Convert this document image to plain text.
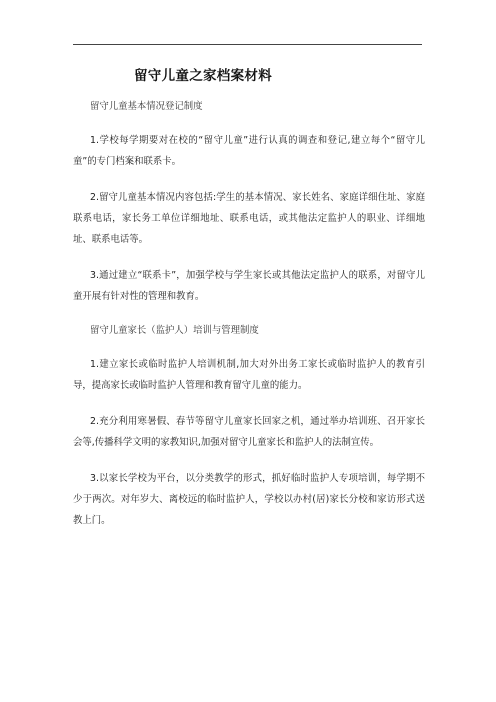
留守儿童之家档案材料
留守儿童基本情况登记制度

1.学校每学期要对在校的“留守儿童”进行认真的调查和登记,建立每个“留守儿童”的专门档案和联系卡。

2.留守儿童基本情况内容包括:学生的基本情况、家长姓名、家庭详细住址、家庭联系电话，家长务工单位详细地址、联系电话，或其他法定监护人的职业、详细地址、联系电话等。

3.通过建立“联系卡”，加强学校与学生家长或其他法定监护人的联系，对留守儿童开展有针对性的管理和教育。

留守儿童家长（监护人）培训与管理制度

1.建立家长或临时监护人培训机制,加大对外出务工家长或临时监护人的教育引导，提高家长或临时监护人管理和教育留守儿童的能力。

2.充分利用寒暑假、春节等留守儿童家长回家之机，通过举办培训班、召开家长会等,传播科学文明的家教知识,加强对留守儿童家长和监护人的法制宣传。

3.以家长学校为平台，以分类教学的形式，抓好临时监护人专项培训，每学期不少于两次。对年岁大、离校远的临时监护人，学校以办村(居)家长分校和家访形式送教上门。
